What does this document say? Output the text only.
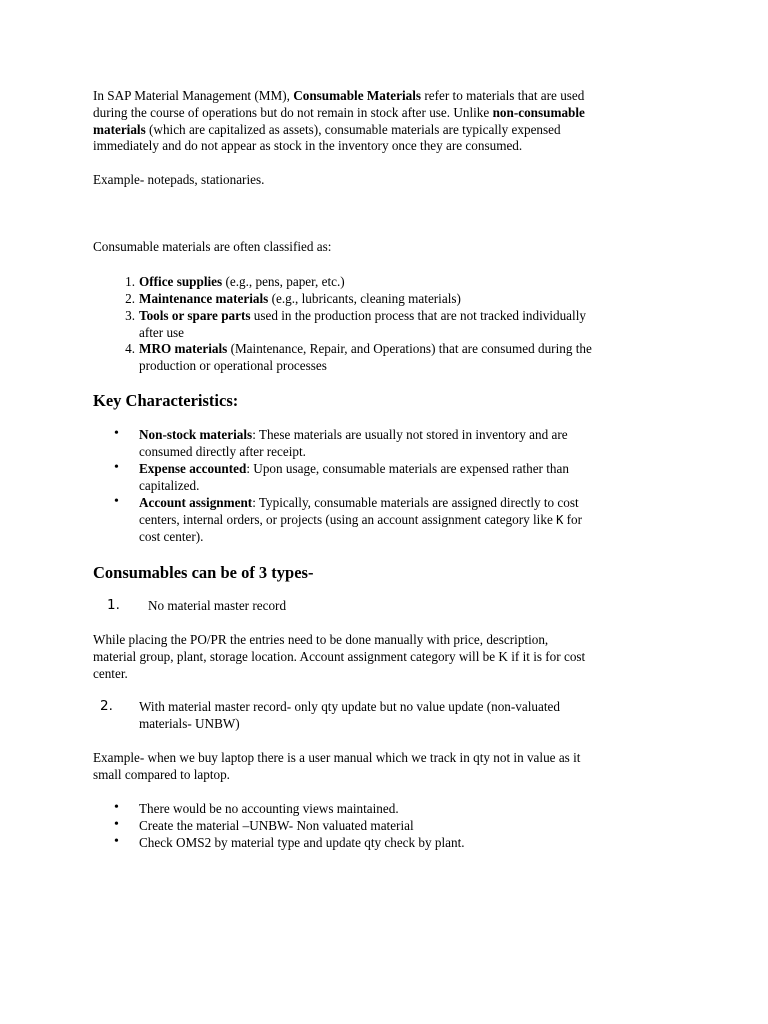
In SAP Material Management (MM), Consumable Materials refer to materials that are used
during the course of operations but do not remain in stock after use. Unlike non-consumable
materials (which are capitalized as assets), consumable materials are typically expensed
immediately and do not appear as stock in the inventory once they are consumed.
Example- notepads, stationaries.
Consumable materials are often classified as:
1. Office supplies (e.g., pens, paper, etc.)
2. Maintenance materials (e.g., lubricants, cleaning materials)
3. Tools or spare parts used in the production process that are not tracked individually
after use
4. MRO materials (Maintenance, Repair, and Operations) that are consumed during the
production or operational processes
Key Characteristics:
• Non-stock materials: These materials are usually not stored in inventory and are
consumed directly after receipt.
• Expense accounted: Upon usage, consumable materials are expensed rather than
capitalized.
• Account assignment: Typically, consumable materials are assigned directly to cost
centers, internal orders, or projects (using an account assignment category like K for
cost center).
Consumables can be of 3 types-
1. No material master record
While placing the PO/PR the entries need to be done manually with price, description,
material group, plant, storage location. Account assignment category will be K if it is for cost
center.
2. With material master record- only qty update but no value update (non-valuated
materials- UNBW)
Example- when we buy laptop there is a user manual which we track in qty not in value as it
small compared to laptop.
• There would be no accounting views maintained.
• Create the material –UNBW- Non valuated material
• Check OMS2 by material type and update qty check by plant.
